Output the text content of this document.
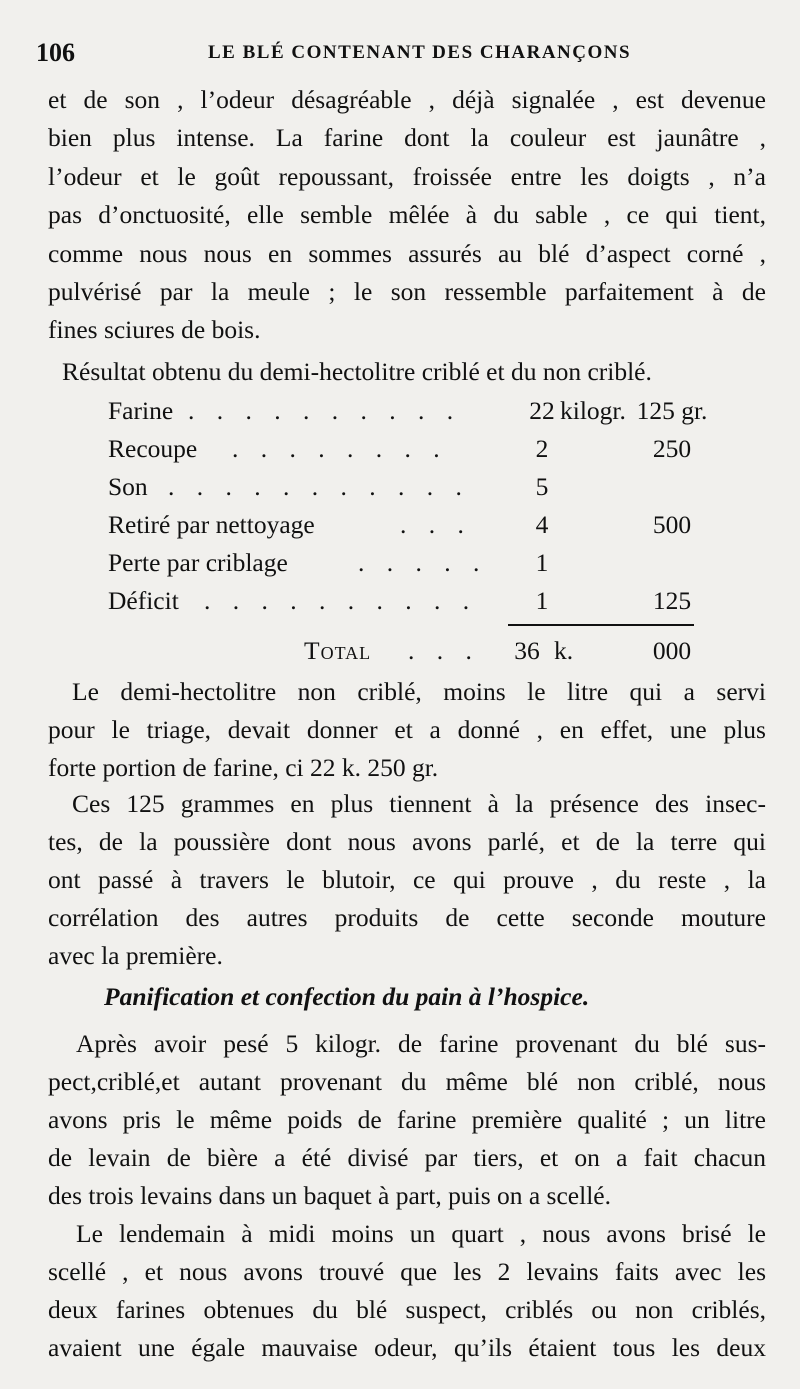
106	LE BLÉ CONTENANT DES CHARANÇONS
et de son , l’odeur désagréable , déjà signalée , est devenue
bien plus intense. La farine dont la couleur est jaunâtre ,
l’odeur et le goût repoussant, froissée entre les doigts , n’a
pas d’onctuosité, elle semble mêlée à du sable , ce qui tient,
comme nous nous en sommes assurés au blé d’aspect corné ,
pulvérisé par la meule ; le son ressemble parfaitement à de
fines sciures de bois.
Résultat obtenu du demi-hectolitre criblé et du non criblé.
Farine . . . . . . . . . .	22 kilogr. 125 gr.
Recoupe . . . . . . . .	2	250
Son . . . . . . . . . . .	5
Retiré par nettoyage	. . .	4	500
Perte par criblage	. . . . .	1
Déficit . . . . . . . . . .	1	125
Total . . . 36 k.	000
Le demi-hectolitre non criblé, moins le litre qui a servi
pour le triage, devait donner et a donné , en effet, une plus
forte portion de farine, ci 22 k. 250 gr.
Ces 125 grammes en plus tiennent à la présence des insec-
tes, de la poussière dont nous avons parlé, et de la terre qui
ont passé à travers le blutoir, ce qui prouve , du reste , la
corrélation des autres produits de cette seconde mouture
avec la première.
Panification et confection du pain à l’hospice.
Après avoir pesé 5 kilogr. de farine provenant du blé sus-
pect,criblé,et autant provenant du même blé non criblé, nous
avons pris le même poids de farine première qualité ; un litre
de levain de bière a été divisé par tiers, et on a fait chacun
des trois levains dans un baquet à part, puis on a scellé.
Le lendemain à midi moins un quart , nous avons brisé le
scellé , et nous avons trouvé que les 2 levains faits avec les
deux farines obtenues du blé suspect, criblés ou non criblés,
avaient une égale mauvaise odeur, qu’ils étaient tous les deux
